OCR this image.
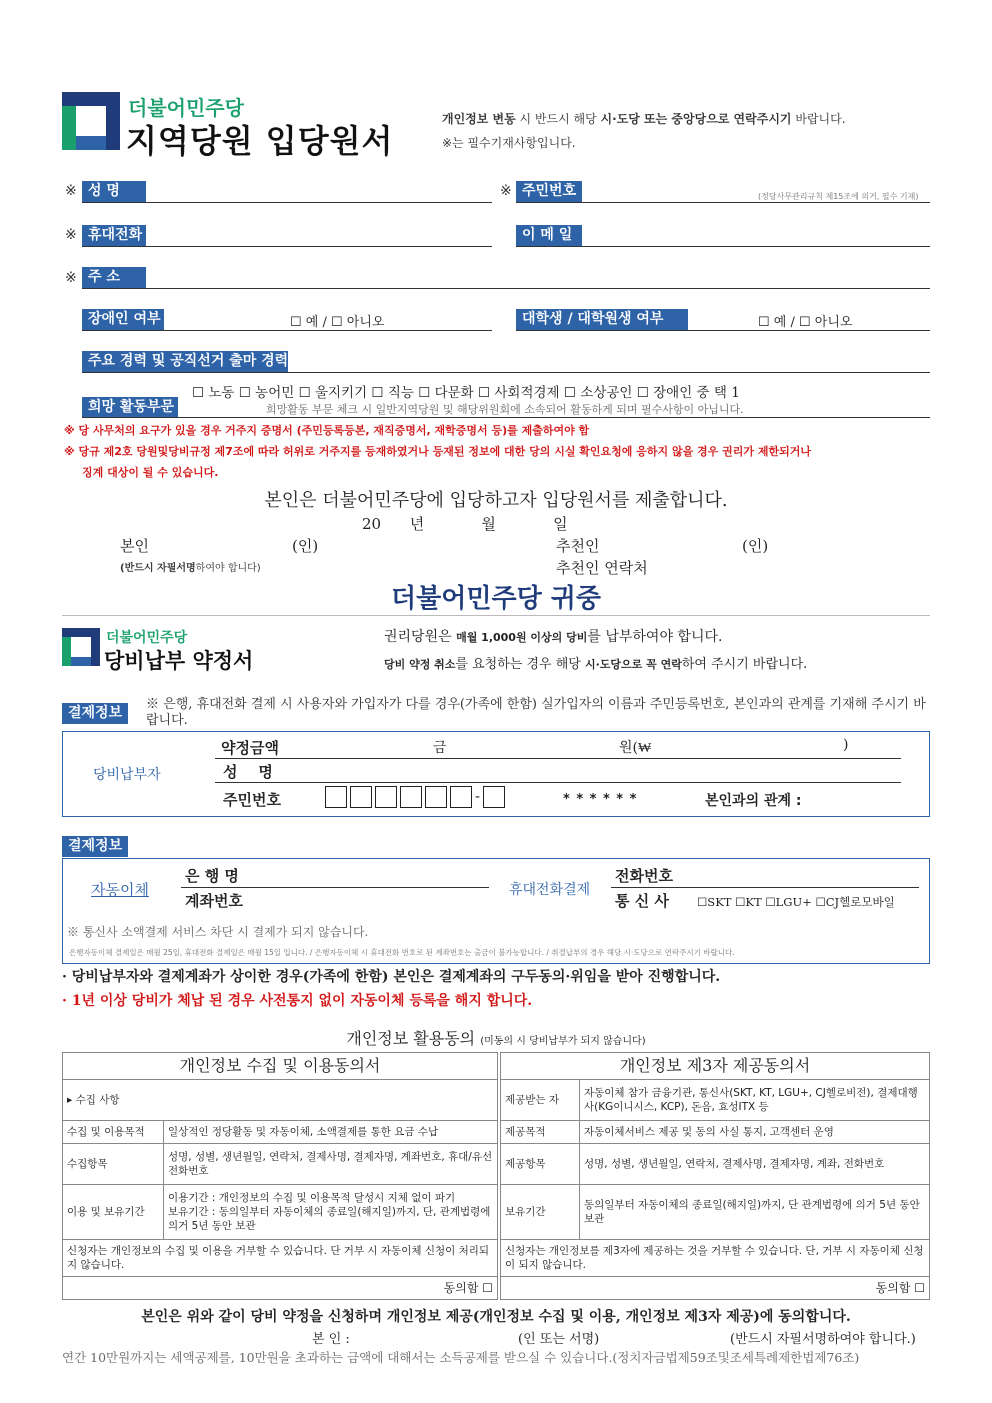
더불어민주당
지역당원 입당원서
개인정보 변동 시 반드시 해당 시·도당 또는 중앙당으로 연락주시기 바랍니다.
※는 필수기재사항입니다.
※ 성 명	※ 주민번호	(정당사무관리규칙 제15조에 의거, 필수 기재)
※ 휴대전화	이 메 일
※ 주 소
장애인 여부	☐ 예 / ☐ 아니오	대학생 / 대학원생 여부	☐ 예 / ☐ 아니오
주요 경력 및 공직선거 출마 경력
☐ 노동 ☐ 농어민 ☐ 울지키기 ☐ 직능 ☐ 다문화 ☐ 사회적경제 ☐ 소상공인 ☐ 장애인 중 택 1
희망 활동부문	희망활동 부문 체크 시 일반지역당원 및 해당위원회에 소속되어 활동하게 되며 필수사항이 아닙니다.
※ 당 사무처의 요구가 있을 경우 거주지 증명서 (주민등록등본, 재직증명서, 재학증명서 등)를 제출하여야 함
※ 당규 제2호 당원및당비규정 제7조에 따라 허위로 거주지를 등재하였거나 등재된 정보에 대한 당의 시실 확인요청에 응하지 않을 경우 권리가 제한되거나
징계 대상이 될 수 있습니다.
본인은 더불어민주당에 입당하고자 입당원서를 제출합니다.
20      년            월            일
본인	(인)	추천인	(인)
(반드시 자필서명하여야 합니다)	추천인 연락처
더불어민주당 귀중
더불어민주당
당비납부 약정서
권리당원은 매월 1,000원 이상의 당비를 납부하여야 합니다.
당비 약정 취소를 요청하는 경우 해당 시·도당으로 꼭 연락하여 주시기 바랍니다.
결제정보
※ 은행, 휴대전화 결제 시 사용자와 가입자가 다를 경우(가족에 한함) 실가입자의 이름과 주민등록번호, 본인과의 관계를 기재해 주시기 바랍니다.
당비납부자
약정금액	금	원(₩	)
성    명
주민번호	-	* * * * * *	본인과의 관계 :
결제정보
자동이체
은 행 명
계좌번호
휴대전화결제
전화번호
통 신 사 ☐SKT ☐KT ☐LGU+ ☐CJ헬로모바일
※ 통신사 소액결제 서비스 차단 시 결제가 되지 않습니다.
은행자동이체 결제일은 매월 25일, 휴대전화 결제일은 매월 15일 입니다. / 은행자동이체 시 휴대전화 번호로 된 계좌번호는 출금이 불가능합니다. / 취결납부의 경우 해당 시·도당으로 연락주시기 바랍니다.
· 당비납부자와 결제계좌가 상이한 경우(가족에 한함) 본인은 결제계좌의 구두동의·위임을 받아 진행합니다.
· 1년 이상 당비가 체납 된 경우 사전통지 없이 자동이체 등록을 해지 합니다.
개인정보 활용동의 (미동의 시 당비납부가 되지 않습니다)
개인정보 수집 및 이용동의서	
▸ 수집 사항	
수집 및 이용목적	일상적인 정당활동 및 자동이체, 소액결제를 통한 요금 수납
수집항목	성명, 성별, 생년월일, 연락처, 결제사명, 결제자명, 계좌번호, 휴대/유선전화번호
이용 및 보유기간	이용기간 : 개인정보의 수집 및 이용목적 달성시 지체 없이 파기
보유기간 : 동의일부터 자동이체의 종료일(해지일)까지, 단, 관계법령에 의거 5년 동안 보관

신청자는 개인정보의 수집 및 이용을 거부할 수 있습니다. 단 거부 시 자동이체 신청이 처리되지 않습니다.	
동의함 ☐	
개인정보 제3자 제공동의서	
제공받는 자	자동이체 참가 금융기관, 통신사(SKT, KT, LGU+, CJ헬로비전), 결제대행사(KG이니시스, KCP), 돈음, 효성ITX 등
제공목적	자동이체서비스 제공 및 동의 사실 통지, 고객센터 운영
제공항목	성명, 성별, 생년월일, 연락처, 결제사명, 결제자명, 계좌, 전화번호
보유기간	동의일부터 자동이체의 종료일(해지일)까지, 단 관계법령에 의거 5년 동안 보관
신청자는 개인정보를 제3자에 제공하는 것을 거부할 수 있습니다. 단, 거부 시 자동이체 신청이 되지 않습니다.	
동의함 ☐	
본인은 위와 같이 당비 약정을 신청하며 개인정보 제공(개인정보 수집 및 이용, 개인정보 제3자 제공)에 동의합니다.
본 인 :	(인 또는 서명)	(반드시 자필서명하여야 합니다.)
연간 10만원까지는 세액공제를, 10만원을 초과하는 금액에 대해서는 소득공제를 받으실 수 있습니다.(정치자금법제59조및조세특례제한법제76조)
